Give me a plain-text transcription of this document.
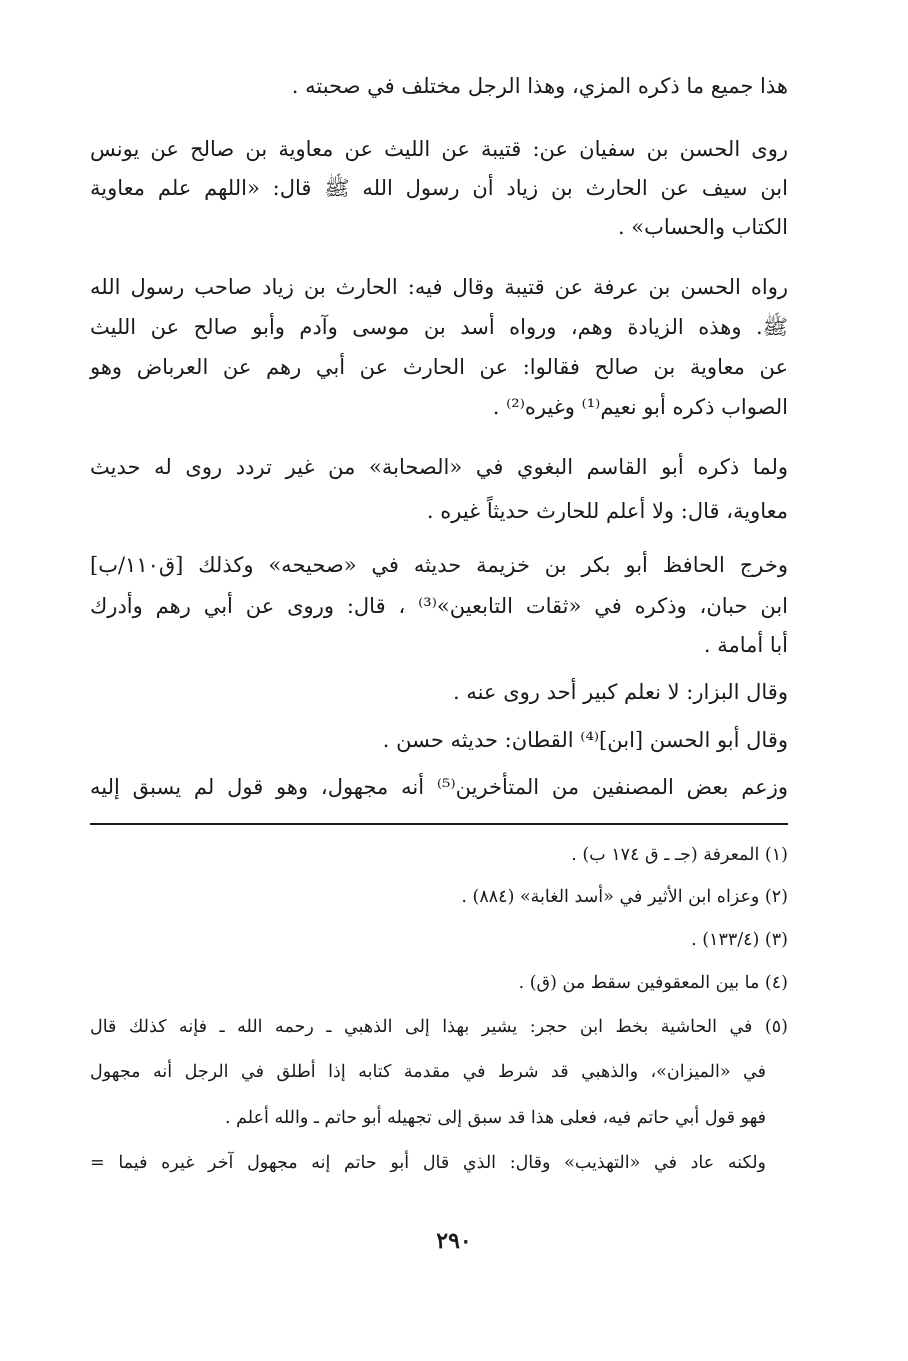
هذا جميع ما ذكره المزي، وهذا الرجل مختلف في صحبته .
روى الحسن بن سفيان عن: قتيبة عن الليث عن معاوية بن صالح عن يونس
ابن سيف عن الحارث بن زياد أن رسول الله ﷺ قال: «اللهم علم معاوية
الكتاب والحساب» .
رواه الحسن بن عرفة عن قتيبة وقال فيه: الحارث بن زياد صاحب رسول الله
ﷺ. وهذه الزيادة وهم، ورواه أسد بن موسى وآدم وأبو صالح عن الليث
عن معاوية بن صالح فقالوا: عن الحارث عن أبي رهم عن العرباض وهو
الصواب ذكره أبو نعيم⁽¹⁾ وغيره⁽²⁾ .
ولما ذكره أبو القاسم البغوي في «الصحابة» من غير تردد روى له حديث
معاوية، قال: ولا أعلم للحارث حديثاً غيره .
وخرج الحافظ أبو بكر بن خزيمة حديثه في «صحيحه» وكذلك [ق١١٠/ب]
ابن حبان، وذكره في «ثقات التابعين»⁽³⁾ ، قال: وروى عن أبي رهم وأدرك
أبا أمامة .
وقال البزار: لا نعلم كبير أحد روى عنه .
وقال أبو الحسن [ابن]⁽⁴⁾ القطان: حديثه حسن .
وزعم بعض المصنفين من المتأخرين⁽⁵⁾ أنه مجهول، وهو قول لم يسبق إليه
(١) المعرفة (جـ ـ ق ١٧٤ ب) .
(٢) وعزاه ابن الأثير في «أسد الغابة» (٨٨٤) .
(٣) (١٣٣/٤) .
(٤) ما بين المعقوفين سقط من (ق) .
(٥) في الحاشية بخط ابن حجر: يشير بهذا إلى الذهبي ـ رحمه الله ـ فإنه كذلك قال
في «الميزان»، والذهبي قد شرط في مقدمة كتابه إذا أطلق في الرجل أنه مجهول
فهو قول أبي حاتم فيه، فعلى هذا قد سبق إلى تجهيله أبو حاتم ـ والله أعلم .
ولكنه عاد في «التهذيب» وقال: الذي قال أبو حاتم إنه مجهول آخر غيره فيما =
٢٩٠
